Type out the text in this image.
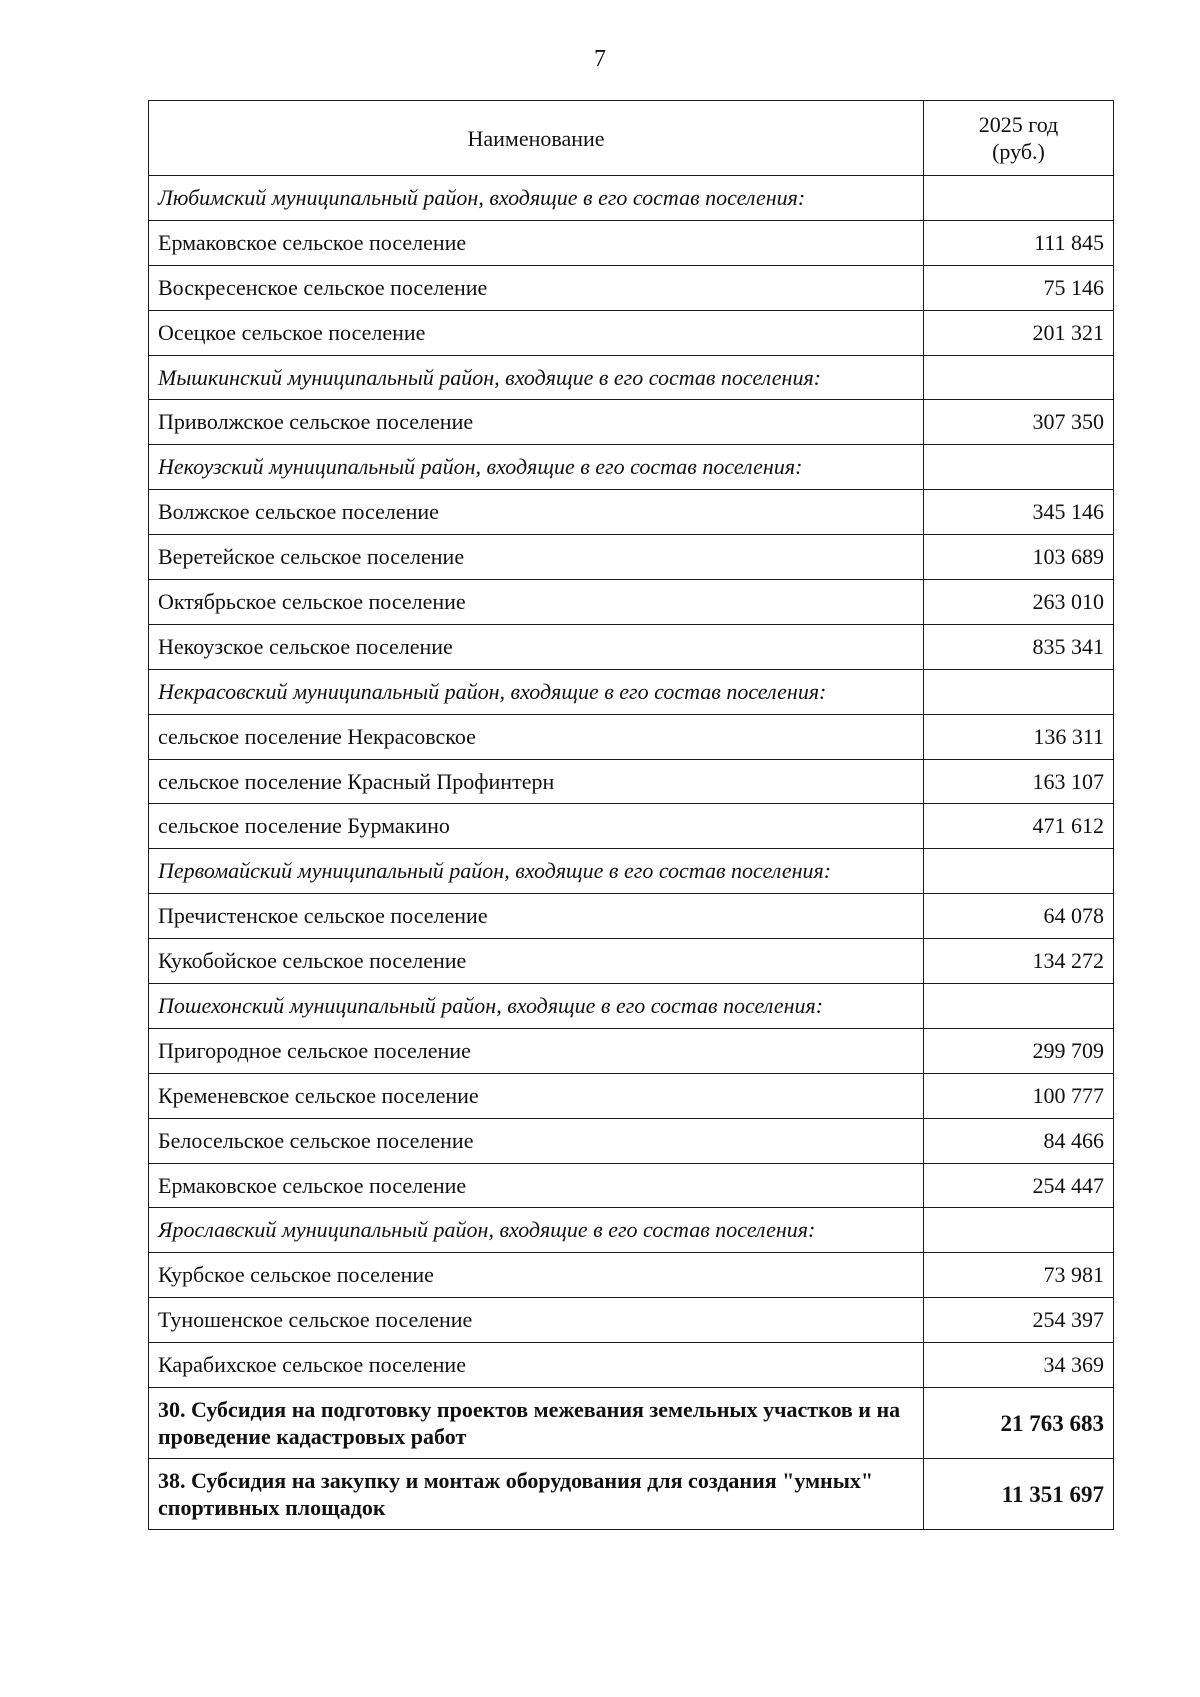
7
Наименование	2025 год
(руб.)
Любимский муниципальный район, входящие в его состав поселения:	
Ермаковское сельское поселение	111 845
Воскресенское сельское поселение	75 146
Осецкое сельское поселение	201 321
Мышкинский муниципальный район, входящие в его состав поселения:	
Приволжское сельское поселение	307 350
Некоузский муниципальный район, входящие в его состав поселения:	
Волжское сельское поселение	345 146
Веретейское сельское поселение	103 689
Октябрьское сельское поселение	263 010
Некоузское сельское поселение	835 341
Некрасовский муниципальный район, входящие в его состав поселения:	
сельское поселение Некрасовское	136 311
сельское поселение Красный Профинтерн	163 107
сельское поселение Бурмакино	471 612
Первомайский муниципальный район, входящие в его состав поселения:	
Пречистенское сельское поселение	64 078
Кукобойское сельское поселение	134 272
Пошехонский муниципальный район, входящие в его состав поселения:	
Пригородное сельское поселение	299 709
Кременевское сельское поселение	100 777
Белосельское сельское поселение	84 466
Ермаковское сельское поселение	254 447
Ярославский муниципальный район, входящие в его состав поселения:	
Курбское сельское поселение	73 981
Туношенское сельское поселение	254 397
Карабихское сельское поселение	34 369
30. Субсидия на подготовку проектов межевания земельных участков и на проведение кадастровых работ	21 763 683
38. Субсидия на закупку и монтаж оборудования для создания "умных" спортивных площадок	11 351 697
